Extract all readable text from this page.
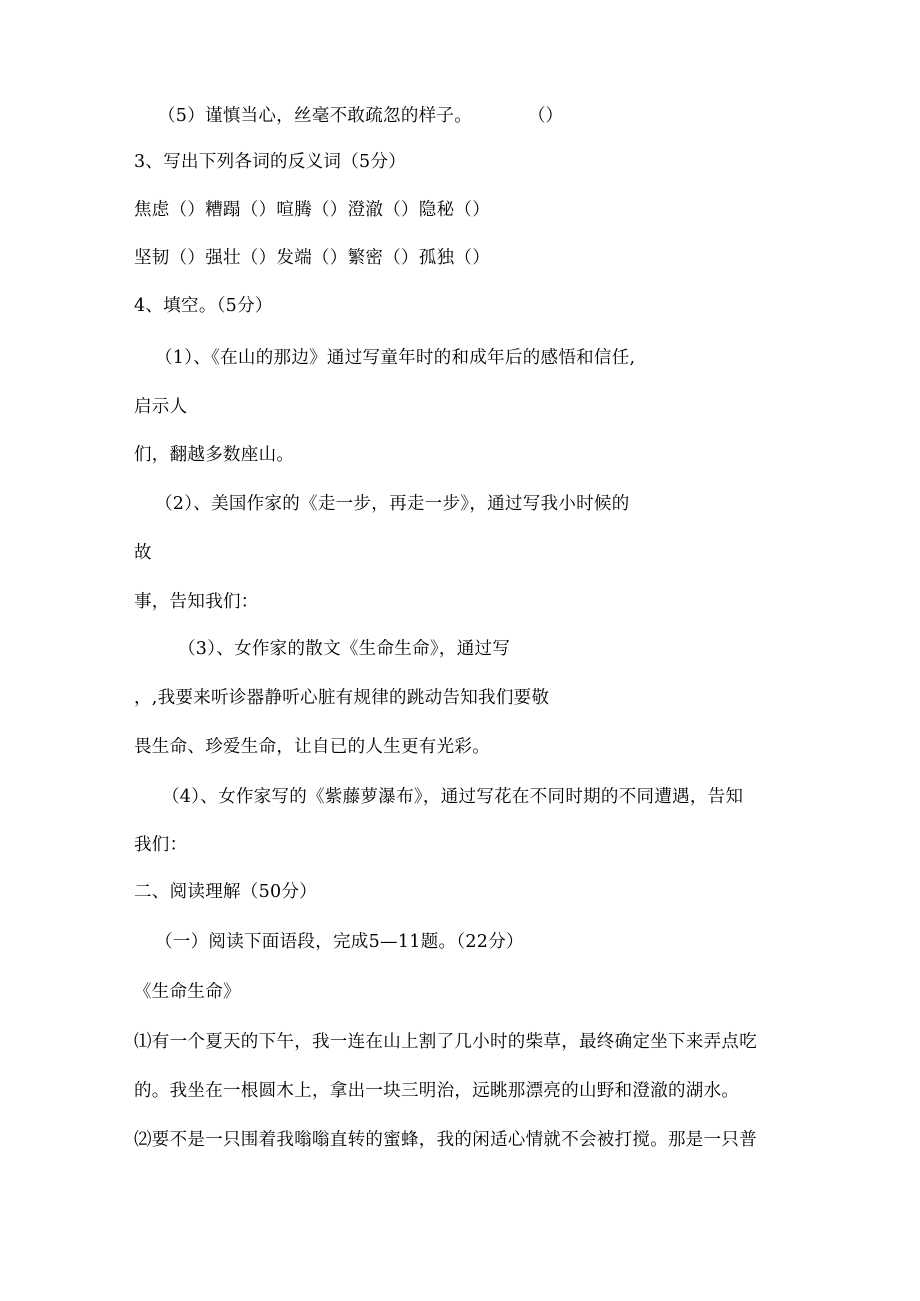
（5）谨慎当心，丝毫不敢疏忽的样子。	（）
3、写出下列各词的反义词（5分）
焦虑（）糟蹋（）喧腾（）澄澈（）隐秘（）
坚韧（）强壮（）发端（）繁密（）孤独（）
4、填空。（5分）
（1）、《在山的那边》通过写童年时的和成年后的感悟和信任,
启示人
们，翻越多数座山。
（2）、美国作家的《走一步，再走一步》，通过写我小时候的
故
事，告知我们：
（3）、女作家的散文《生命生命》，通过写
，,我要来听诊器静听心脏有规律的跳动告知我们要敬
畏生命、珍爱生命，让自已的人生更有光彩。
（4）、女作家写的《紫藤萝瀑布》，通过写花在不同时期的不同遭遇，告知
我们：
二、阅读理解（50分）
（一）阅读下面语段，完成5—11题。（22分）
《生命生命》
⑴有一个夏天的下午，我一连在山上割了几小时的柴草，最终确定坐下来弄点吃
的。我坐在一根圆木上，拿出一块三明治，远眺那漂亮的山野和澄澈的湖水。
⑵要不是一只围着我嗡嗡直转的蜜蜂，我的闲适心情就不会被打搅。那是一只普
